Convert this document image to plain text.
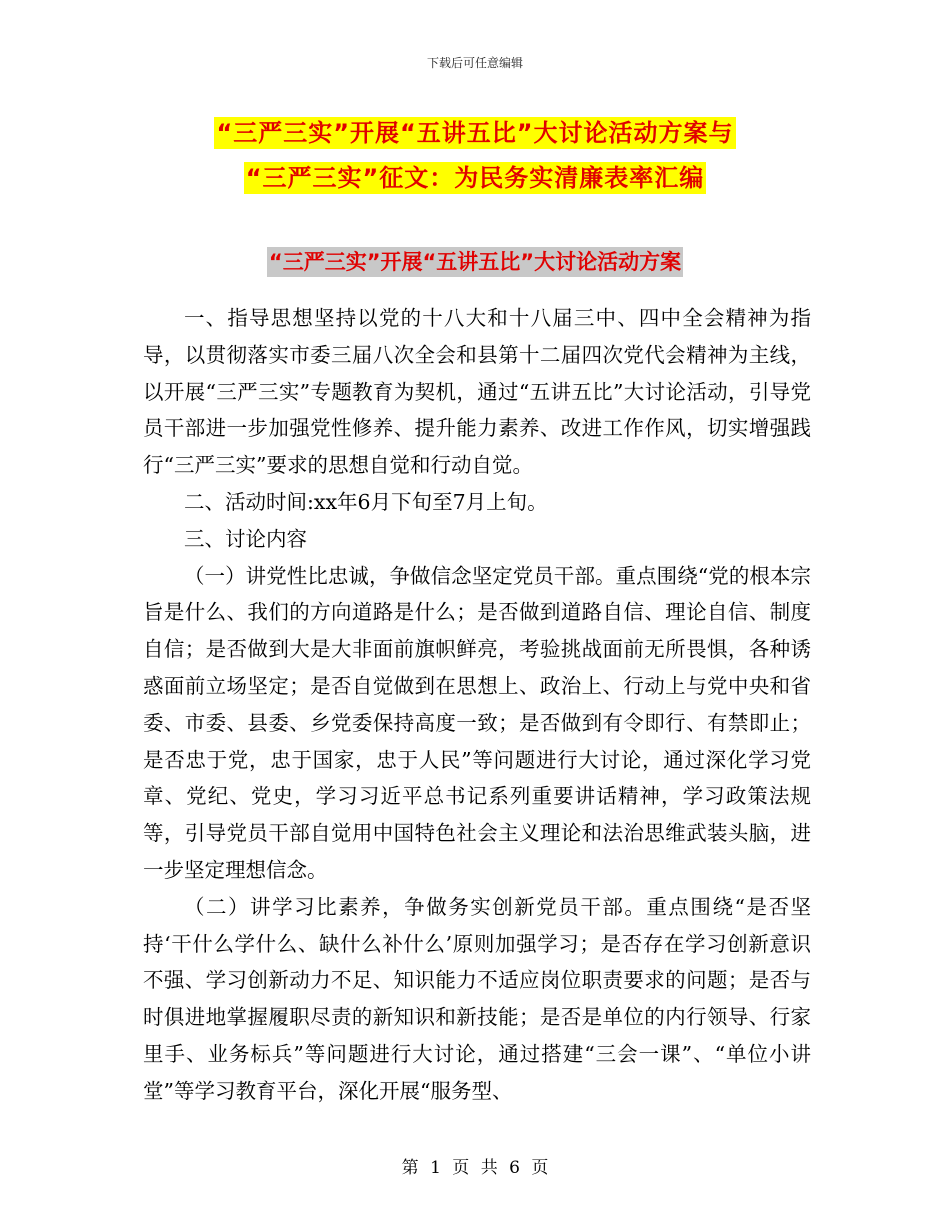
下载后可任意编辑
“三严三实”开展“五讲五比”大讨论活动方案与
“三严三实”征文：为民务实清廉表率汇编
“三严三实”开展“五讲五比”大讨论活动方案

一、指导思想坚持以党的十八大和十八届三中、四中全会精神为指导，以贯彻落实市委三届八次全会和县第十二届四次党代会精神为主线，以开展“三严三实”专题教育为契机，通过“五讲五比”大讨论活动，引导党员干部进一步加强党性修养、提升能力素养、改进工作作风，切实增强践行“三严三实”要求的思想自觉和行动自觉。

二、活动时间:xx年6月下旬至7月上旬。

三、讨论内容

（一）讲党性比忠诚，争做信念坚定党员干部。重点围绕“党的根本宗旨是什么、我们的方向道路是什么；是否做到道路自信、理论自信、制度自信；是否做到大是大非面前旗帜鲜亮，考验挑战面前无所畏惧，各种诱惑面前立场坚定；是否自觉做到在思想上、政治上、行动上与党中央和省委、市委、县委、乡党委保持高度一致；是否做到有令即行、有禁即止；是否忠于党，忠于国家，忠于人民”等问题进行大讨论，通过深化学习党章、党纪、党史，学习习近平总书记系列重要讲话精神，学习政策法规等，引导党员干部自觉用中国特色社会主义理论和法治思维武装头脑，进一步坚定理想信念。

（二）讲学习比素养，争做务实创新党员干部。重点围绕“是否坚持‘干什么学什么、缺什么补什么’原则加强学习；是否存在学习创新意识不强、学习创新动力不足、知识能力不适应岗位职责要求的问题；是否与时俱进地掌握履职尽责的新知识和新技能；是否是单位的内行领导、行家里手、业务标兵”等问题进行大讨论，通过搭建“三会一课”、“单位小讲堂”等学习教育平台，深化开展“服务型、

第 1 页 共 6 页
